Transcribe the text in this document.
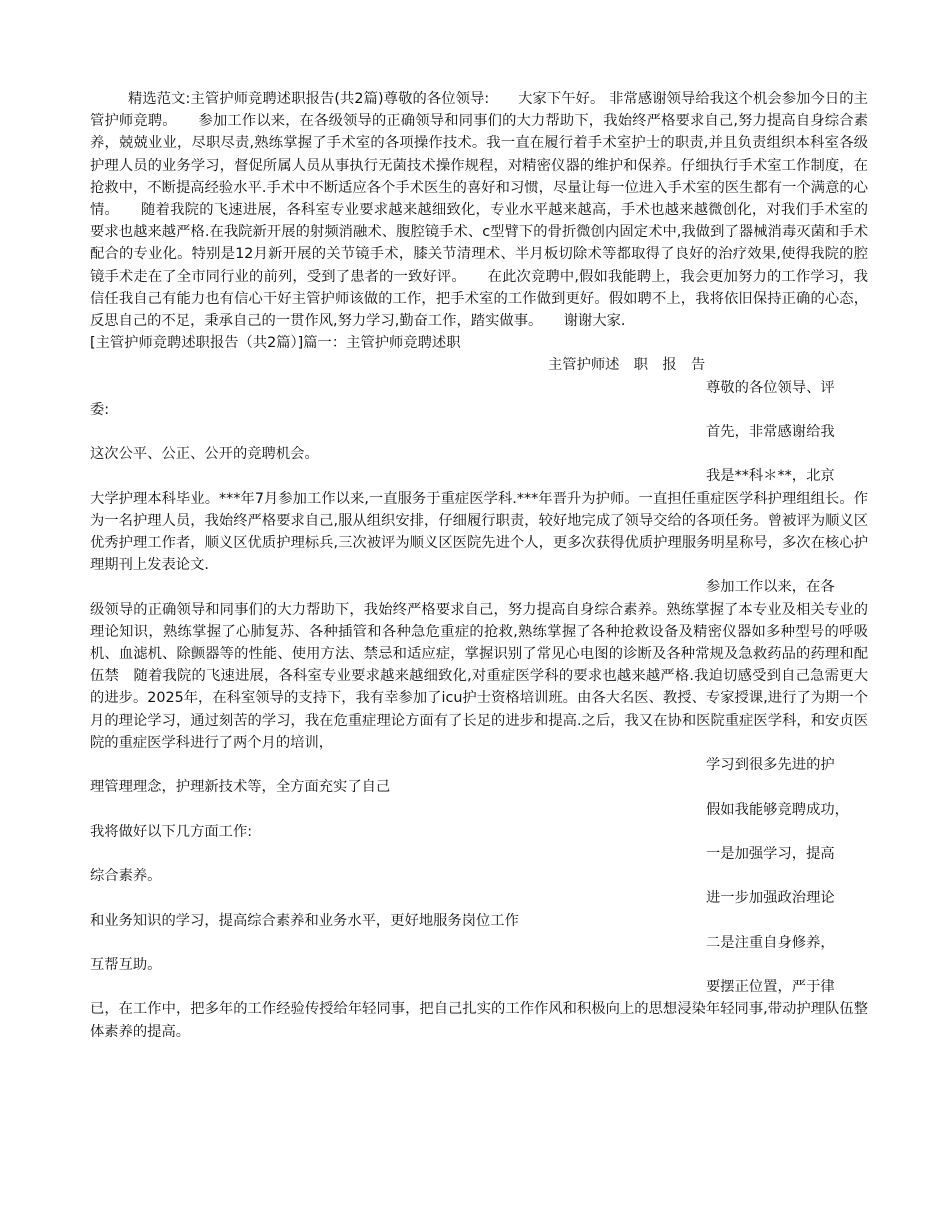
精选范文:主管护师竞聘述职报告(共2篇)尊敬的各位领导:　　大家下午好。 非常感谢领导给我这个机会参加今日的主管护师竞聘。　　参加工作以来，在各级领导的正确领导和同事们的大力帮助下，我始终严格要求自己,努力提高自身综合素养，兢兢业业，尽职尽责,熟练掌握了手术室的各项操作技术。我一直在履行着手术室护士的职责,并且负责组织本科室各级护理人员的业务学习，督促所属人员从事执行无菌技术操作规程，对精密仪器的维护和保养。仔细执行手术室工作制度，在抢救中，不断提高经验水平.手术中不断适应各个手术医生的喜好和习惯，尽量让每一位进入手术室的医生都有一个满意的心情。　　随着我院的飞速进展，各科室专业要求越来越细致化，专业水平越来越高，手术也越来越微创化，对我们手术室的要求也越来越严格.在我院新开展的射频消融术、腹腔镜手术、c型臂下的骨折微创内固定术中,我做到了器械消毒灭菌和手术配合的专业化。特别是12月新开展的关节镜手术，膝关节清理术、半月板切除术等都取得了良好的治疗效果,使得我院的腔镜手术走在了全市同行业的前列，受到了患者的一致好评。　　在此次竞聘中,假如我能聘上，我会更加努力的工作学习，我信任我自己有能力也有信心干好主管护师该做的工作，把手术室的工作做到更好。假如聘不上，我将依旧保持正确的心态，反思自己的不足，秉承自己的一贯作风,努力学习,勤奋工作，踏实做事。　　谢谢大家.

[主管护师竞聘述职报告（共2篇）]篇一：主管护师竞聘述职

主管护师述　职　报　告

尊敬的各位领导、评

委:

首先，非常感谢给我

这次公平、公正、公开的竞聘机会。

我是**科＊**，北京

大学护理本科毕业。***年7月参加工作以来,一直服务于重症医学科.***年晋升为护师。一直担任重症医学科护理组组长。作为一名护理人员，我始终严格要求自己,服从组织安排，仔细履行职责，较好地完成了领导交给的各项任务。曾被评为顺义区优秀护理工作者，顺义区优质护理标兵,三次被评为顺义区医院先进个人，更多次获得优质护理服务明星称号，多次在核心护理期刊上发表论文.

参加工作以来，在各

级领导的正确领导和同事们的大力帮助下，我始终严格要求自己，努力提高自身综合素养。熟练掌握了本专业及相关专业的理论知识，熟练掌握了心肺复苏、各种插管和各种急危重症的抢救,熟练掌握了各种抢救设备及精密仪器如多种型号的呼吸机、血滤机、除颤器等的性能、使用方法、禁忌和适应症，掌握识别了常见心电图的诊断及各种常规及急救药品的药理和配伍禁　随着我院的飞速进展，各科室专业要求越来越细致化,对重症医学科的要求也越来越严格.我迫切感受到自己急需更大的进步。2025年，在科室领导的支持下，我有幸参加了icu护士资格培训班。由各大名医、教授、专家授课,进行了为期一个月的理论学习，通过刻苦的学习，我在危重症理论方面有了长足的进步和提高.之后，我又在协和医院重症医学科，和安贞医院的重症医学科进行了两个月的培训，

学习到很多先进的护

理管理理念，护理新技术等，全方面充实了自己

假如我能够竞聘成功，

我将做好以下几方面工作:

一是加强学习，提高

综合素养。

进一步加强政治理论

和业务知识的学习，提高综合素养和业务水平，更好地服务岗位工作

二是注重自身修养，

互帮互助。

要摆正位置，严于律

已，在工作中，把多年的工作经验传授给年轻同事，把自己扎实的工作作风和积极向上的思想浸染年轻同事,带动护理队伍整体素养的提高。
